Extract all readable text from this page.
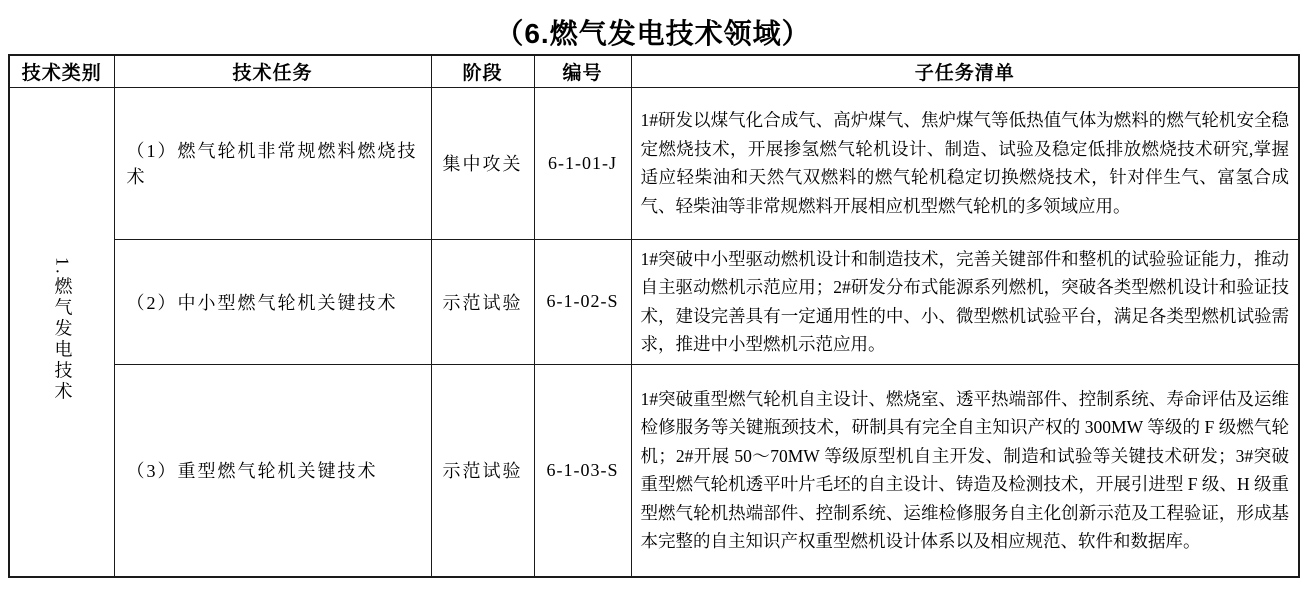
（6.燃气发电技术领域）
技术类别	技术任务	阶段	编号	子任务清单
1.燃气发电技术	（1）燃气轮机非常规燃料燃烧技术	集中攻关	6-1-01-J	1#研发以煤气化合成气、高炉煤气、焦炉煤气等低热值气体为燃料的燃气轮机安全稳定燃烧技术，开展掺氢燃气轮机设计、制造、试验及稳定低排放燃烧技术研究,掌握适应轻柴油和天然气双燃料的燃气轮机稳定切换燃烧技术，针对伴生气、富氢合成气、轻柴油等非常规燃料开展相应机型燃气轮机的多领域应用。
	（2）中小型燃气轮机关键技术	示范试验	6-1-02-S	1#突破中小型驱动燃机设计和制造技术，完善关键部件和整机的试验验证能力，推动自主驱动燃机示范应用；2#研发分布式能源系列燃机，突破各类型燃机设计和验证技术，建设完善具有一定通用性的中、小、微型燃机试验平台，满足各类型燃机试验需求，推进中小型燃机示范应用。
	（3）重型燃气轮机关键技术	示范试验	6-1-03-S	1#突破重型燃气轮机自主设计、燃烧室、透平热端部件、控制系统、寿命评估及运维检修服务等关键瓶颈技术，研制具有完全自主知识产权的 300MW 等级的 F 级燃气轮机；2#开展 50～70MW 等级原型机自主开发、制造和试验等关键技术研发；3#突破重型燃气轮机透平叶片毛坯的自主设计、铸造及检测技术，开展引进型 F 级、H 级重型燃气轮机热端部件、控制系统、运维检修服务自主化创新示范及工程验证，形成基本完整的自主知识产权重型燃机设计体系以及相应规范、软件和数据库。
